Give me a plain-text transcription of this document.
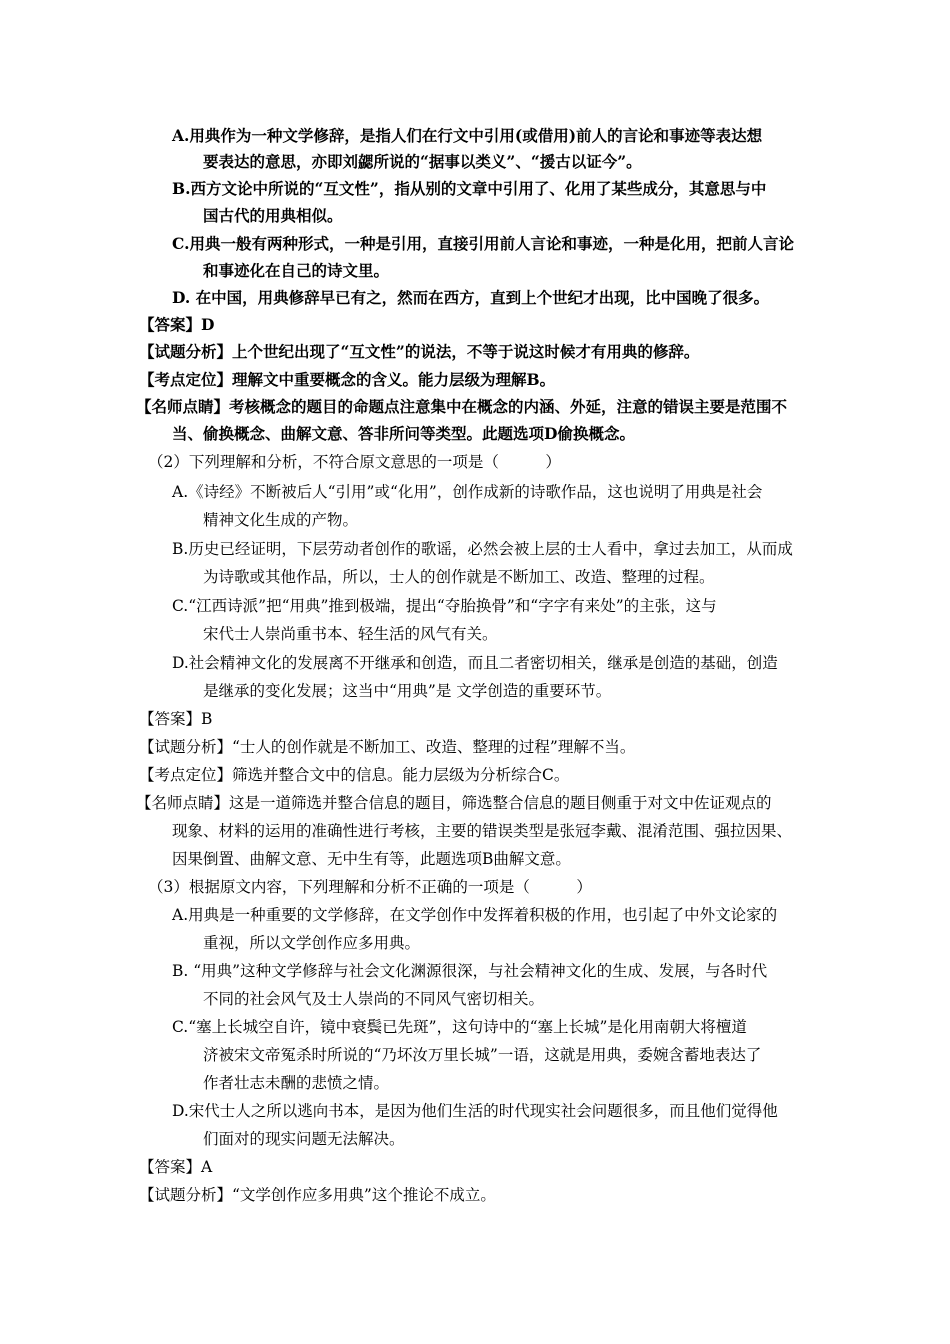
A.用典作为一种文学修辞，是指人们在行文中引用(或借用)前人的言论和事迹等表达想
要表达的意思，亦即刘勰所说的“据事以类义”、“援古以证今”。
B.西方文论中所说的“互文性”，指从别的文章中引用了、化用了某些成分，其意思与中
国古代的用典相似。
C.用典一般有两种形式，一种是引用，直接引用前人言论和事迹，一种是化用，把前人言论
和事迹化在自己的诗文里。
D. 在中国，用典修辞早已有之，然而在西方，直到上个世纪才出现，比中国晚了很多。
【答案】D
【试题分析】上个世纪出现了“互文性”的说法，不等于说这时候才有用典的修辞。
【考点定位】理解文中重要概念的含义。能力层级为理解B。
【名师点睛】考核概念的题目的命题点注意集中在概念的内涵、外延，注意的错误主要是范围不
当、偷换概念、曲解文意、答非所问等类型。此题选项D偷换概念。
（2）下列理解和分析，不符合原文意思的一项是（　　　）
A.《诗经》不断被后人“引用”或“化用”，创作成新的诗歌作品，这也说明了用典是社会
精神文化生成的产物。
B.历史已经证明，下层劳动者创作的歌谣，必然会被上层的士人看中，拿过去加工，从而成
为诗歌或其他作品，所以，士人的创作就是不断加工、改造、整理的过程。
C.“江西诗派”把“用典”推到极端，提出“夺胎换骨”和“字字有来处”的主张，这与
宋代士人崇尚重书本、轻生活的风气有关。
D.社会精神文化的发展离不开继承和创造，而且二者密切相关，继承是创造的基础，创造
是继承的变化发展；这当中“用典”是 文学创造的重要环节。
【答案】B
【试题分析】“士人的创作就是不断加工、改造、整理的过程”理解不当。
【考点定位】筛选并整合文中的信息。能力层级为分析综合C。
【名师点睛】这是一道筛选并整合信息的题目，筛选整合信息的题目侧重于对文中佐证观点的
现象、材料的运用的准确性进行考核，主要的错误类型是张冠李戴、混淆范围、强拉因果、
因果倒置、曲解文意、无中生有等，此题选项B曲解文意。
（3）根据原文内容，下列理解和分析不正确的一项是（　　　）
A.用典是一种重要的文学修辞，在文学创作中发挥着积极的作用，也引起了中外文论家的
重视，所以文学创作应多用典。
B. “用典”这种文学修辞与社会文化渊源很深，与社会精神文化的生成、发展，与各时代
不同的社会风气及士人崇尚的不同风气密切相关。
C.“塞上长城空自许，镜中衰鬓已先斑”，这句诗中的“塞上长城”是化用南朝大将檀道
济被宋文帝冤杀时所说的“乃坏汝万里长城”一语，这就是用典，委婉含蓄地表达了
作者壮志未酬的悲愤之情。
D.宋代士人之所以逃向书本，是因为他们生活的时代现实社会问题很多，而且他们觉得他
们面对的现实问题无法解决。
【答案】A
【试题分析】“文学创作应多用典”这个推论不成立。
